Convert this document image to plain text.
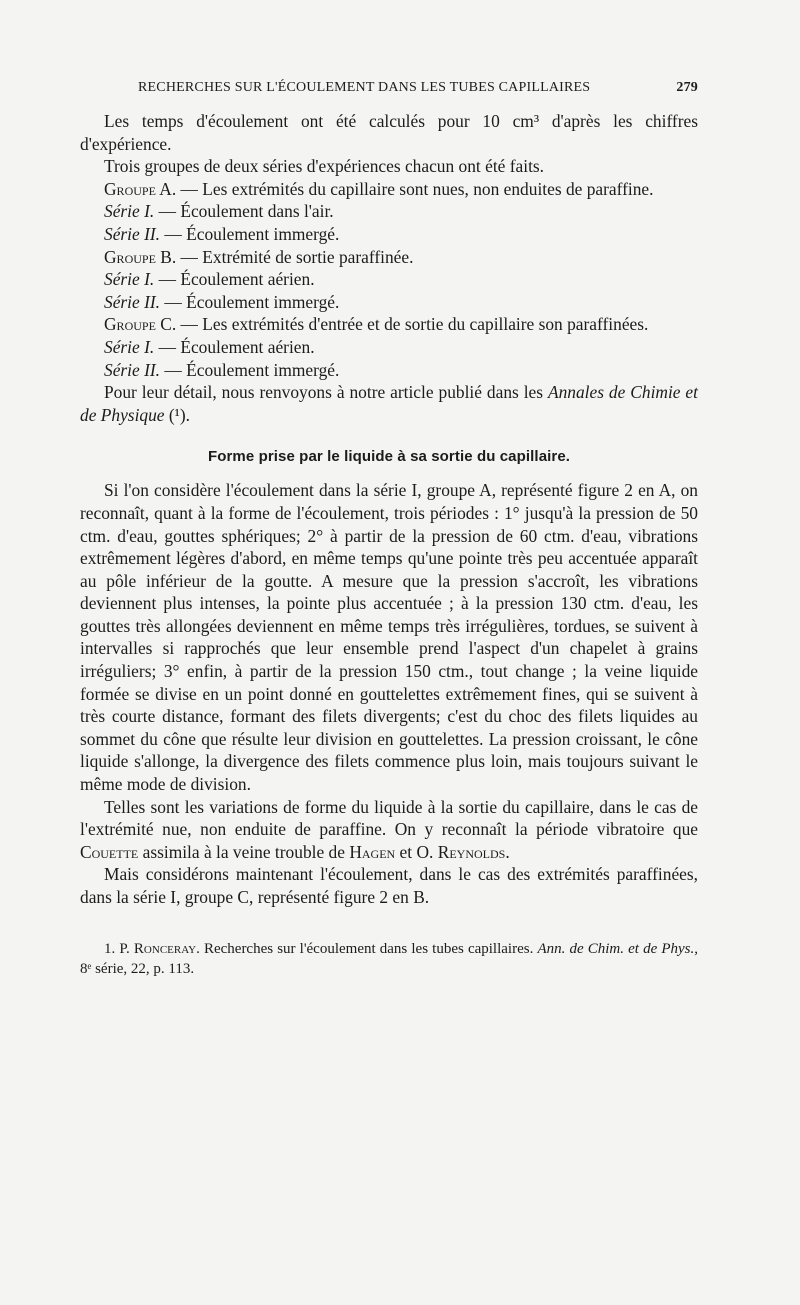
RECHERCHES SUR L'ÉCOULEMENT DANS LES TUBES CAPILLAIRES	279

Les temps d'écoulement ont été calculés pour 10 cm³ d'après les chiffres d'expérience.

Trois groupes de deux séries d'expériences chacun ont été faits.

Groupe A. — Les extrémités du capillaire sont nues, non enduites de paraffine.

Série I. — Écoulement dans l'air.

Série II. — Écoulement immergé.

Groupe B. — Extrémité de sortie paraffinée.

Série I. — Écoulement aérien.

Série II. — Écoulement immergé.

Groupe C. — Les extrémités d'entrée et de sortie du capillaire son paraffinées.

Série I. — Écoulement aérien.

Série II. — Écoulement immergé.

Pour leur détail, nous renvoyons à notre article publié dans les Annales de Chimie et de Physique (¹).

Forme prise par le liquide à sa sortie du capillaire.

Si l'on considère l'écoulement dans la série I, groupe A, représenté figure 2 en A, on reconnaît, quant à la forme de l'écoulement, trois périodes : 1° jusqu'à la pression de 50 ctm. d'eau, gouttes sphériques; 2° à partir de la pression de 60 ctm. d'eau, vibrations extrêmement légères d'abord, en même temps qu'une pointe très peu accentuée apparaît au pôle inférieur de la goutte. A mesure que la pression s'accroît, les vibrations deviennent plus intenses, la pointe plus accentuée ; à la pression 130 ctm. d'eau, les gouttes très allongées deviennent en même temps très irrégulières, tordues, se suivent à intervalles si rapprochés que leur ensemble prend l'aspect d'un chapelet à grains irréguliers; 3° enfin, à partir de la pression 150 ctm., tout change ; la veine liquide formée se divise en un point donné en gouttelettes extrêmement fines, qui se suivent à très courte distance, formant des filets divergents; c'est du choc des filets liquides au sommet du cône que résulte leur division en gouttelettes. La pression croissant, le cône liquide s'allonge, la divergence des filets commence plus loin, mais toujours suivant le même mode de division.

Telles sont les variations de forme du liquide à la sortie du capillaire, dans le cas de l'extrémité nue, non enduite de paraffine. On y reconnaît la période vibratoire que Couette assimila à la veine trouble de Hagen et O. Reynolds.

Mais considérons maintenant l'écoulement, dans le cas des extrémités paraffinées, dans la série I, groupe C, représenté figure 2 en B.

1. P. Ronceray. Recherches sur l'écoulement dans les tubes capillaires. Ann. de Chim. et de Phys., 8ᵉ série, 22, p. 113.
